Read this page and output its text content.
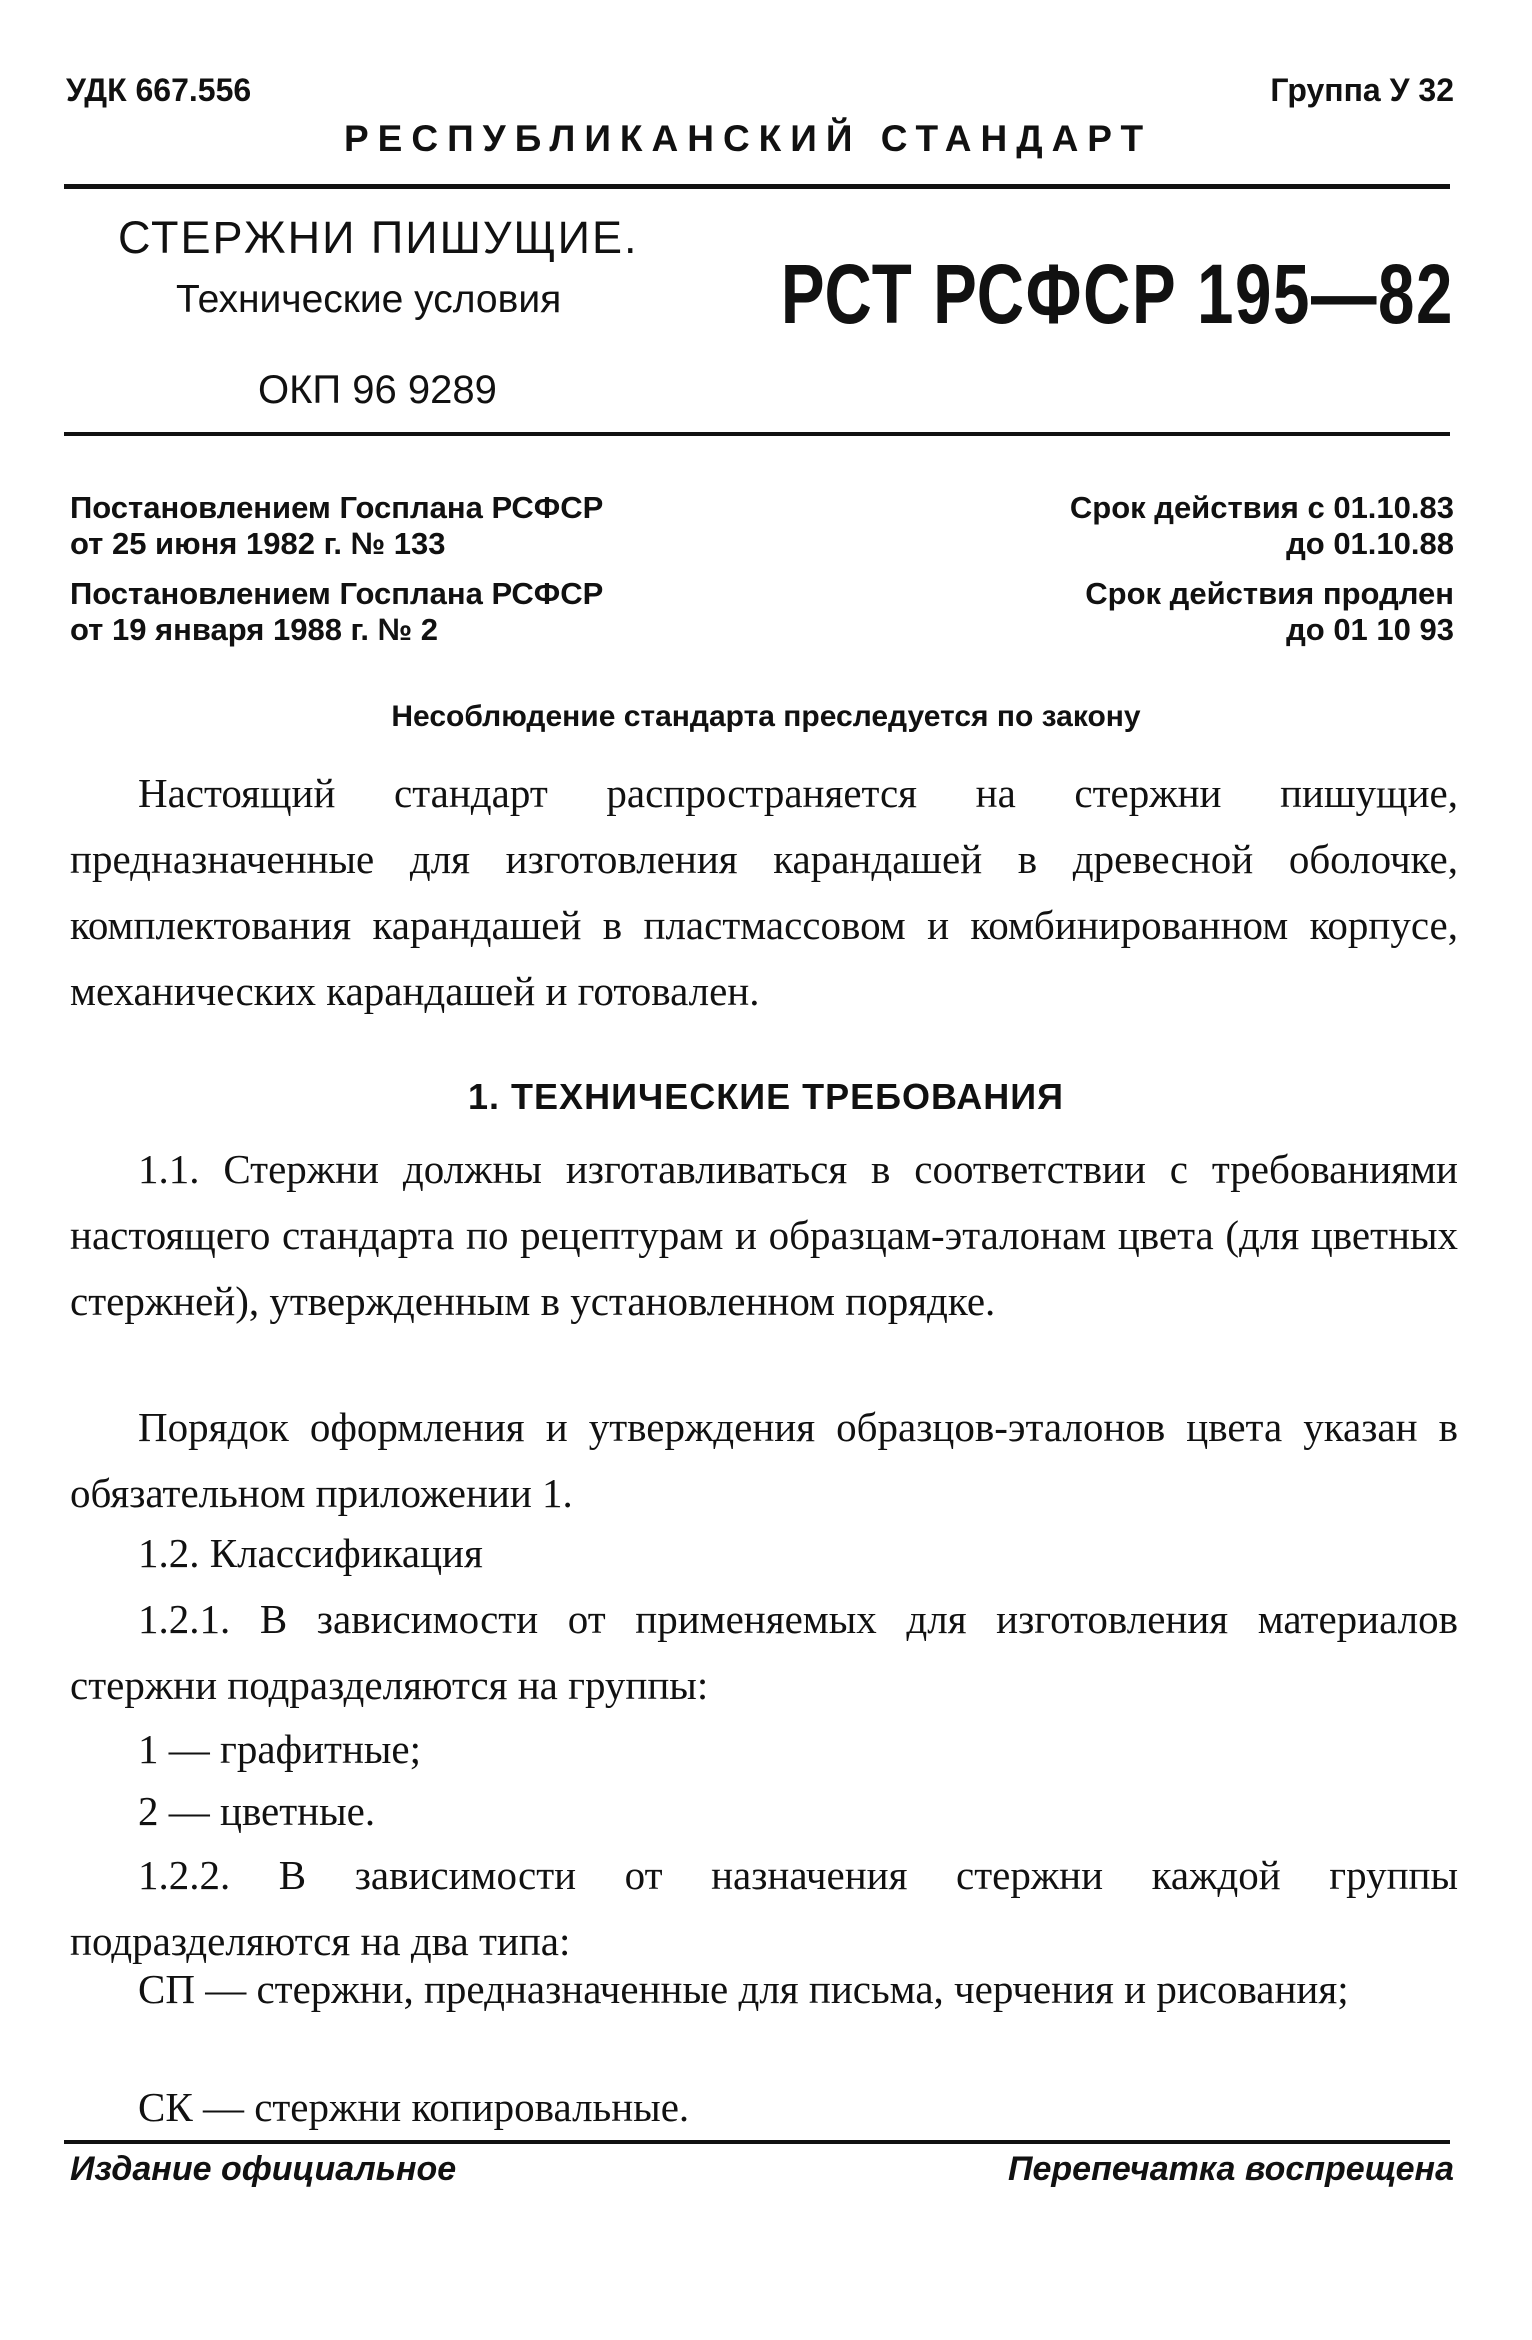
УДК 667.556	Группа У 32
РЕСПУБЛИКАНСКИЙ СТАНДАРТ
СТЕРЖНИ ПИШУЩИЕ.
Технические условия
ОКП 96 9289
РСТ РСФСР 195—82
Постановлением Госплана РСФСР
от 25 июня 1982 г. № 133
Постановлением Госплана РСФСР
от 19 января 1988 г. № 2
Срок действия с 01.10.83
до 01.10.88
Срок действия продлен
до 01 10 93
Несоблюдение стандарта преследуется по закону

Настоящий стандарт распространяется на стержни пишущие, предназначенные для изготовления карандашей в древесной оболочке, комплектования карандашей в пластмассовом и комбинированном корпусе, механических карандашей и готовален.

1. ТЕХНИЧЕСКИЕ ТРЕБОВАНИЯ

1.1. Стержни должны изготавливаться в соответствии с требованиями настоящего стандарта по рецептурам и образцам-эталонам цвета (для цветных стержней), утвержденным в установленном порядке.

Порядок оформления и утверждения образцов-эталонов цвета указан в обязательном приложении 1.

1.2. Классификация

1.2.1. В зависимости от применяемых для изготовления материалов стержни подразделяются на группы:

1 — графитные;

2 — цветные.

1.2.2. В зависимости от назначения стержни каждой группы подразделяются на два типа:

СП — стержни, предназначенные для письма, черчения и рисования;

СК — стержни копировальные.

Издание официальное	Перепечатка воспрещена
